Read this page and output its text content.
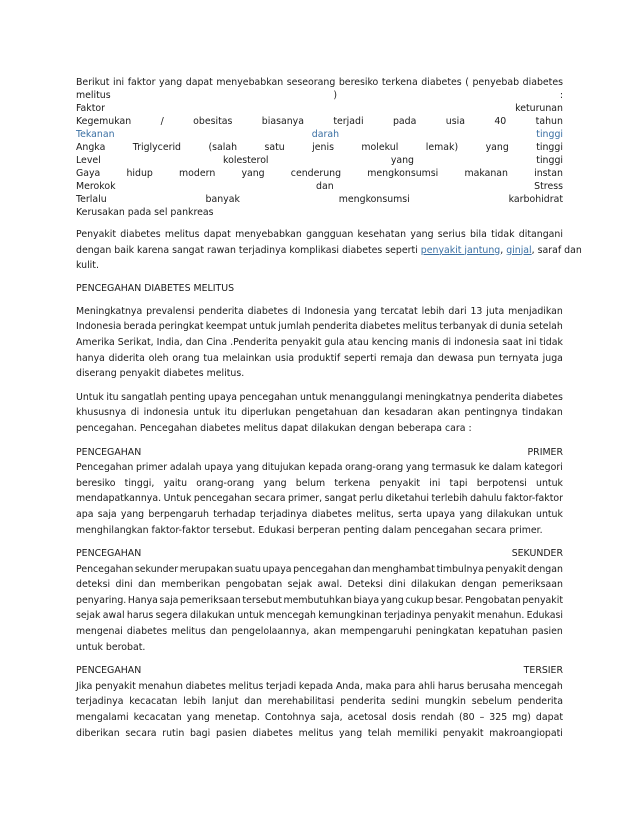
Berikut ini faktor yang dapat menyebabkan seseorang beresiko terkena diabetes ( penyebab diabetes
melitus	)	:
Faktor	keturunan
Kegemukan	/	obesitas	biasanya	terjadi	pada	usia	40	tahun
Tekanan	darah	tinggi
Angka	Triglycerid	(salah	satu	jenis	molekul	lemak)	yang	tinggi
Level	kolesterol	yang	tinggi
Gaya	hidup	modern	yang	cenderung	mengkonsumsi	makanan	instan
Merokok	dan	Stress
Terlalu	banyak	mengkonsumsi	karbohidrat
Kerusakan pada sel pankreas
Penyakit diabetes melitus dapat menyebabkan gangguan kesehatan yang serius bila tidak ditangani
dengan baik karena sangat rawan terjadinya komplikasi diabetes seperti penyakit jantung, ginjal, saraf dan
kulit.
PENCEGAHAN DIABETES MELITUS
Meningkatnya prevalensi penderita diabetes di Indonesia yang tercatat lebih dari 13 juta menjadikan
Indonesia berada peringkat keempat untuk jumlah penderita diabetes melitus terbanyak di dunia setelah
Amerika Serikat, India, dan Cina .Penderita penyakit gula atau kencing manis di indonesia saat ini tidak
hanya diderita oleh orang tua melainkan usia produktif seperti remaja dan dewasa pun ternyata juga
diserang penyakit diabetes melitus.
Untuk itu sangatlah penting upaya pencegahan untuk menanggulangi meningkatnya penderita diabetes
khususnya di indonesia untuk itu diperlukan pengetahuan dan kesadaran akan pentingnya tindakan
pencegahan. Pencegahan diabetes melitus dapat dilakukan dengan beberapa cara :
PENCEGAHAN	PRIMER
Pencegahan primer adalah upaya yang ditujukan kepada orang-orang yang termasuk ke dalam kategori
beresiko tinggi, yaitu orang-orang yang belum terkena penyakit ini tapi berpotensi untuk
mendapatkannya. Untuk pencegahan secara primer, sangat perlu diketahui terlebih dahulu faktor-faktor
apa saja yang berpengaruh terhadap terjadinya diabetes melitus, serta upaya yang dilakukan untuk
menghilangkan faktor-faktor tersebut. Edukasi berperan penting dalam pencegahan secara primer.
PENCEGAHAN	SEKUNDER
Pencegahan sekunder merupakan suatu upaya pencegahan dan menghambat timbulnya penyakit dengan
deteksi dini dan memberikan pengobatan sejak awal. Deteksi dini dilakukan dengan pemeriksaan
penyaring. Hanya saja pemeriksaan tersebut membutuhkan biaya yang cukup besar. Pengobatan penyakit
sejak awal harus segera dilakukan untuk mencegah kemungkinan terjadinya penyakit menahun. Edukasi
mengenai diabetes melitus dan pengelolaannya, akan mempengaruhi peningkatan kepatuhan pasien
untuk berobat.
PENCEGAHAN	TERSIER
Jika penyakit menahun diabetes melitus terjadi kepada Anda, maka para ahli harus berusaha mencegah
terjadinya kecacatan lebih lanjut dan merehabilitasi penderita sedini mungkin sebelum penderita
mengalami kecacatan yang menetap. Contohnya saja, acetosal dosis rendah (80 – 325 mg) dapat
diberikan secara rutin bagi pasien diabetes melitus yang telah memiliki penyakit makroangiopati
